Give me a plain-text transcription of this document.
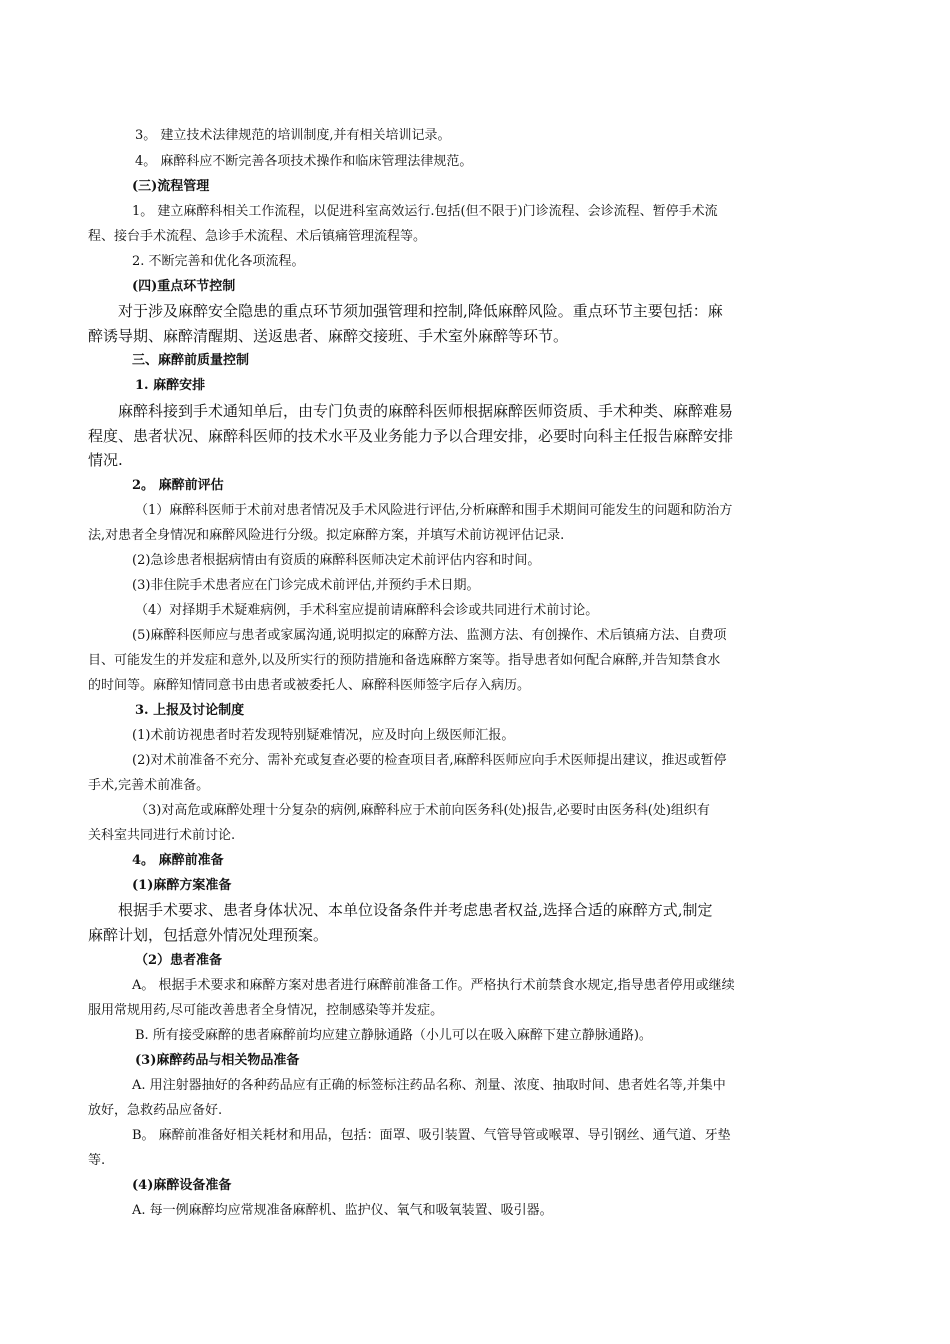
3。 建立技术法律规范的培训制度,并有相关培训记录。
4。 麻醉科应不断完善各项技术操作和临床管理法律规范。
(三)流程管理
1。 建立麻醉科相关工作流程，以促进科室高效运行.包括(但不限于)门诊流程、会诊流程、暂停手术流
程、接台手术流程、急诊手术流程、术后镇痛管理流程等。
2. 不断完善和优化各项流程。
(四)重点环节控制
对于涉及麻醉安全隐患的重点环节须加强管理和控制,降低麻醉风险。重点环节主要包括：麻
醉诱导期、麻醉清醒期、送返患者、麻醉交接班、手术室外麻醉等环节。
三、麻醉前质量控制
1. 麻醉安排
麻醉科接到手术通知单后，由专门负责的麻醉科医师根据麻醉医师资质、手术种类、麻醉难易
程度、患者状况、麻醉科医师的技术水平及业务能力予以合理安排，必要时向科主任报告麻醉安排
情况.
2。 麻醉前评估
（1）麻醉科医师于术前对患者情况及手术风险进行评估,分析麻醉和围手术期间可能发生的问题和防治方
法,对患者全身情况和麻醉风险进行分级。拟定麻醉方案，并填写术前访视评估记录.
(2)急诊患者根据病情由有资质的麻醉科医师决定术前评估内容和时间。
(3)非住院手术患者应在门诊完成术前评估,并预约手术日期。
（4）对择期手术疑难病例，手术科室应提前请麻醉科会诊或共同进行术前讨论。
(5)麻醉科医师应与患者或家属沟通,说明拟定的麻醉方法、监测方法、有创操作、术后镇痛方法、自费项
目、可能发生的并发症和意外,以及所实行的预防措施和备选麻醉方案等。指导患者如何配合麻醉,并告知禁食水
的时间等。麻醉知情同意书由患者或被委托人、麻醉科医师签字后存入病历。
3. 上报及讨论制度
(1)术前访视患者时若发现特别疑难情况，应及时向上级医师汇报。
(2)对术前准备不充分、需补充或复查必要的检查项目者,麻醉科医师应向手术医师提出建议，推迟或暂停
手术,完善术前准备。
（3)对高危或麻醉处理十分复杂的病例,麻醉科应于术前向医务科(处)报告,必要时由医务科(处)组织有
关科室共同进行术前讨论.
4。 麻醉前准备
(1)麻醉方案准备
根据手术要求、患者身体状况、本单位设备条件并考虑患者权益,选择合适的麻醉方式,制定
麻醉计划，包括意外情况处理预案。
（2）患者准备
A。 根据手术要求和麻醉方案对患者进行麻醉前准备工作。严格执行术前禁食水规定,指导患者停用或继续
服用常规用药,尽可能改善患者全身情况，控制感染等并发症。
B. 所有接受麻醉的患者麻醉前均应建立静脉通路（小儿可以在吸入麻醉下建立静脉通路)。
(3)麻醉药品与相关物品准备
A. 用注射器抽好的各种药品应有正确的标签标注药品名称、剂量、浓度、抽取时间、患者姓名等,并集中
放好，急救药品应备好.
B。 麻醉前准备好相关耗材和用品，包括：面罩、吸引装置、气管导管或喉罩、导引钢丝、通气道、牙垫
等.
(4)麻醉设备准备
A. 每一例麻醉均应常规准备麻醉机、监护仪、氧气和吸氧装置、吸引器。
